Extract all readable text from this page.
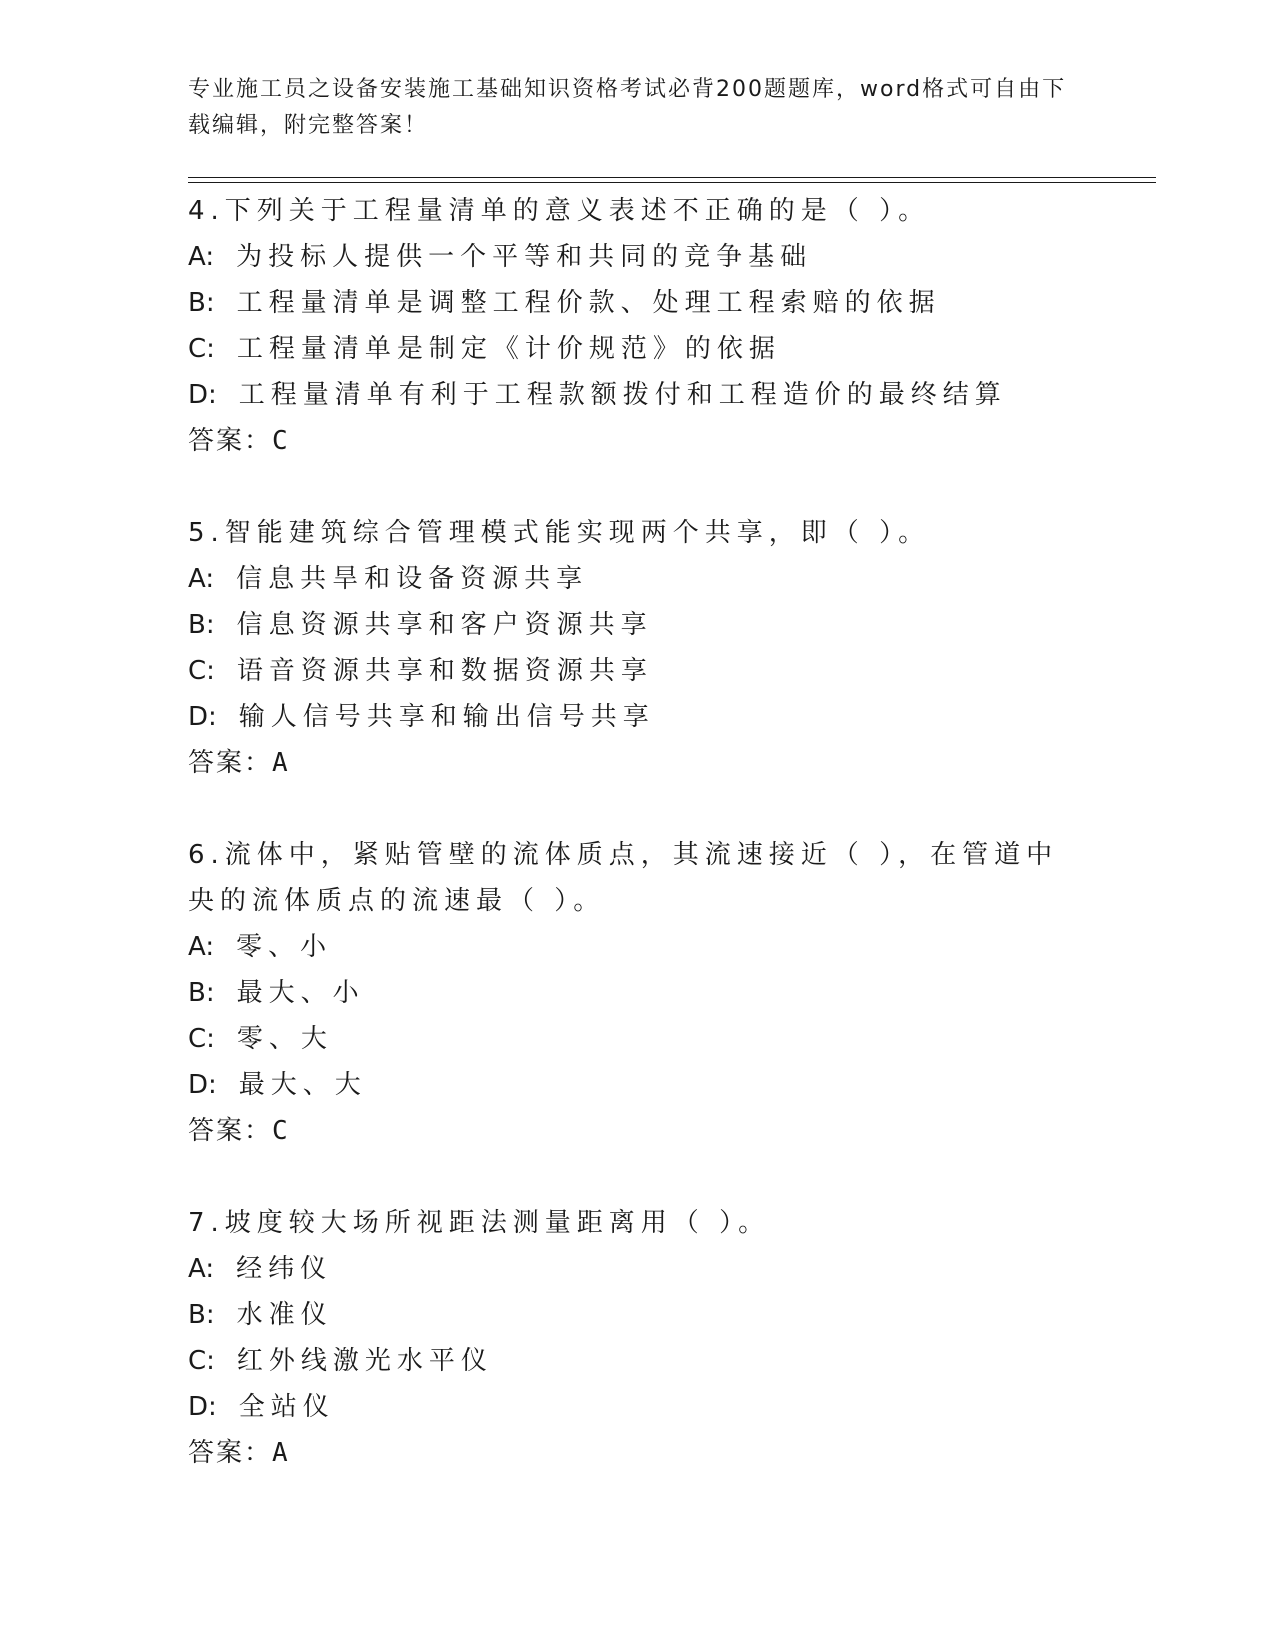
专业施工员之设备安装施工基础知识资格考试必背200题题库，word格式可自由下载编辑，附完整答案！
4.下列关于工程量清单的意义表述不正确的是（ ）。
A: 为投标人提供一个平等和共同的竞争基础
B: 工程量清单是调整工程价款、处理工程索赔的依据
C: 工程量清单是制定《计价规范》的依据
D: 工程量清单有利于工程款额拨付和工程造价的最终结算
答案：C
5.智能建筑综合管理模式能实现两个共享，即（ ）。
A: 信息共旱和设备资源共享
B: 信息资源共享和客户资源共享
C: 语音资源共享和数据资源共享
D: 输人信号共享和输出信号共享
答案：A
6.流体中，紧贴管壁的流体质点，其流速接近（ ），在管道中央的流体质点的流速最（ ）。
A: 零、小
B: 最大、小
C: 零、大
D: 最大、大
答案：C
7.坡度较大场所视距法测量距离用（ ）。
A: 经纬仪
B: 水准仪
C: 红外线激光水平仪
D: 全站仪
答案：A
